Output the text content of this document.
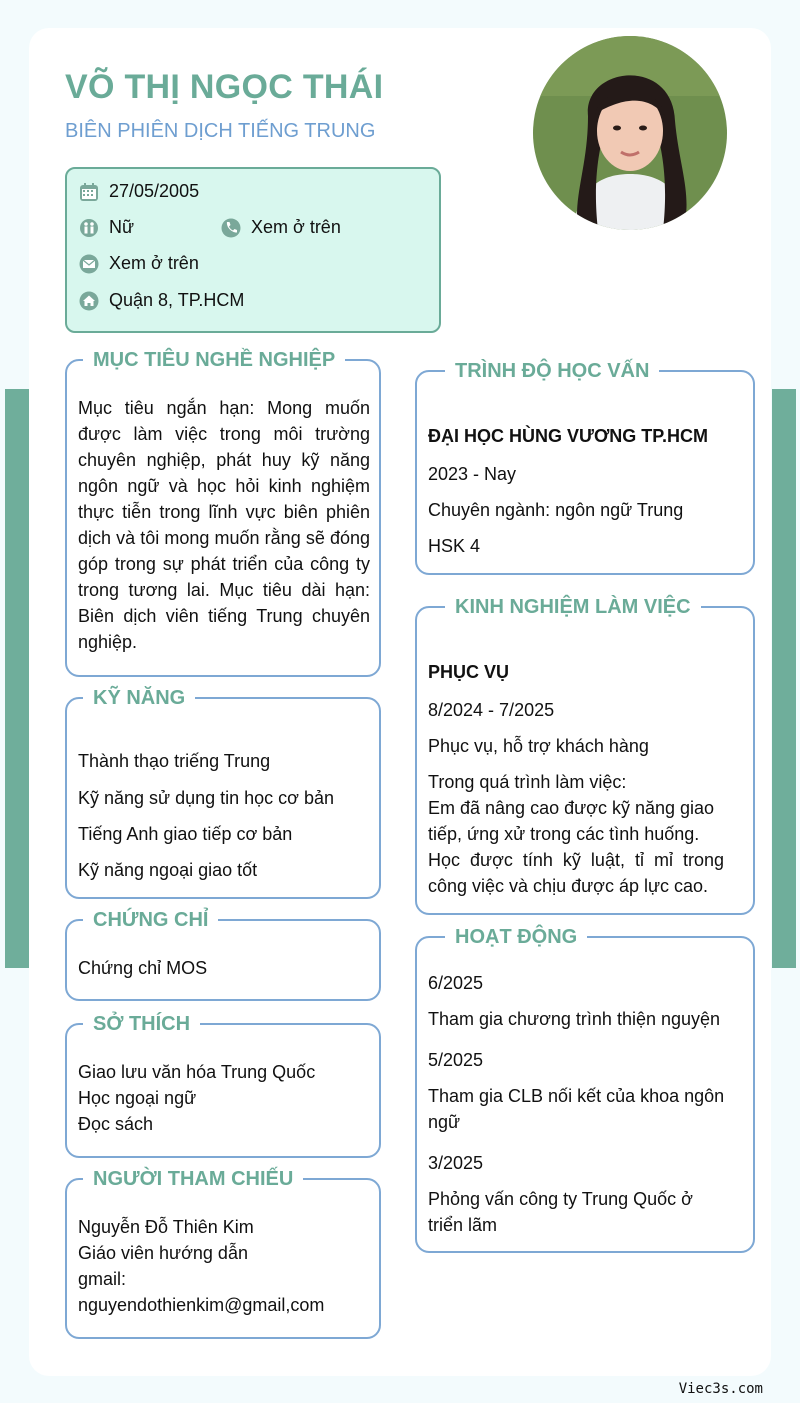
VÕ THỊ NGỌC THÁI
BIÊN PHIÊN DỊCH TIẾNG TRUNG
27/05/2005
Nữ	Xem ở trên
Xem ở trên
Quận 8, TP.HCM
MỤC TIÊU NGHỀ NGHIỆP
Mục tiêu ngắn hạn: Mong muốn được làm việc trong môi trường chuyên nghiệp, phát huy kỹ năng ngôn ngữ và học hỏi kinh nghiệm thực tiễn trong lĩnh vực biên phiên dịch và tôi mong muốn rằng sẽ đóng góp trong sự phát triển của công ty trong tương lai. Mục tiêu dài hạn: Biên dịch viên tiếng Trung chuyên nghiệp.
KỸ NĂNG
Thành thạo triếng Trung
Kỹ năng sử dụng tin học cơ bản
Tiếng Anh giao tiếp cơ bản
Kỹ năng ngoại giao tốt
CHỨNG CHỈ
Chứng chỉ MOS
SỞ THÍCH
Giao lưu văn hóa Trung Quốc
Học ngoại ngữ
Đọc sách
NGƯỜI THAM CHIẾU
Nguyễn Đỗ Thiên Kim
Giáo viên hướng dẫn
gmail:
nguyendothienkim@gmail,com
TRÌNH ĐỘ HỌC VẤN
ĐẠI HỌC HÙNG VƯƠNG TP.HCM
2023 - Nay
Chuyên ngành: ngôn ngữ Trung
HSK 4
KINH NGHIỆM LÀM VIỆC
PHỤC VỤ
8/2024 - 7/2025
Phục vụ, hỗ trợ khách hàng
Trong quá trình làm việc:
Em đã nâng cao được kỹ năng giao tiếp, ứng xử trong các tình huống.
Học được tính kỹ luật, tỉ mỉ trong công việc và chịu được áp lực cao.
HOẠT ĐỘNG
6/2025
Tham gia chương trình thiện nguyện
5/2025
Tham gia CLB nối kết của khoa ngôn ngữ
3/2025
Phỏng vấn công ty Trung Quốc ở triển lãm
Viec3s.com
